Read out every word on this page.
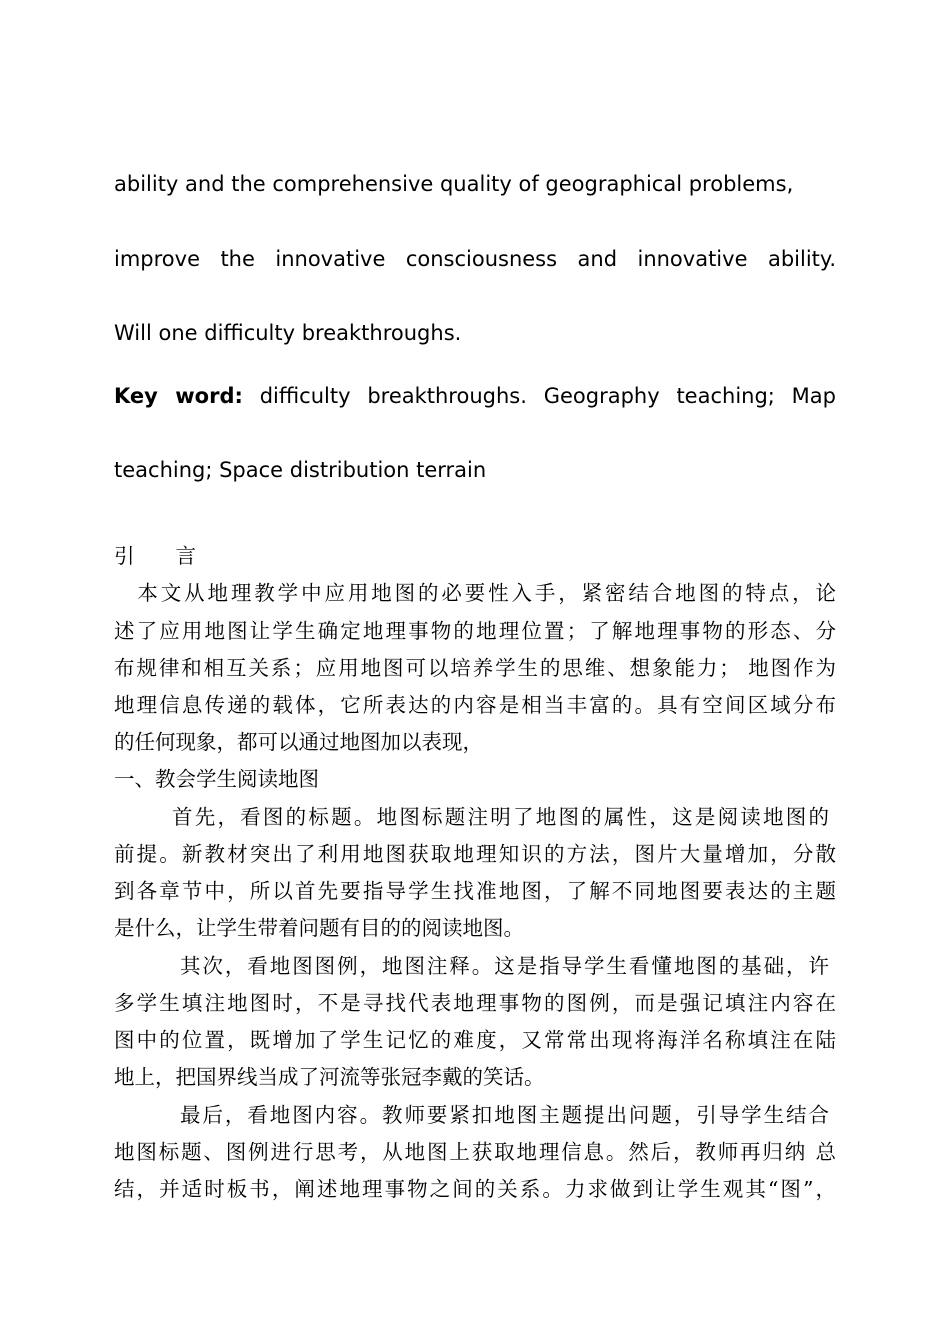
ability and the comprehensive quality of geographical problems,
improve the innovative consciousness and innovative ability.
Will one difficulty breakthroughs.
Key word: difficulty breakthroughs. Geography teaching; Map
teaching; Space distribution terrain
引　　言
　本文从地理教学中应用地图的必要性入手，紧密结合地图的特点，论
述了应用地图让学生确定地理事物的地理位置；了解地理事物的形态、分
布规律和相互关系；应用地图可以培养学生的思维、想象能力； 地图作为
地理信息传递的载体，它所表达的内容是相当丰富的。具有空间区域分布
的任何现象，都可以通过地图加以表现，
一、教会学生阅读地图
首先，看图的标题。地图标题注明了地图的属性，这是阅读地图的
前提。新教材突出了利用地图获取地理知识的方法，图片大量增加，分散
到各章节中，所以首先要指导学生找准地图，了解不同地图要表达的主题
是什么，让学生带着问题有目的的阅读地图。
其次，看地图图例，地图注释。这是指导学生看懂地图的基础，许
多学生填注地图时，不是寻找代表地理事物的图例，而是强记填注内容在
图中的位置，既增加了学生记忆的难度，又常常出现将海洋名称填注在陆
地上，把国界线当成了河流等张冠李戴的笑话。
最后，看地图内容。教师要紧扣地图主题提出问题，引导学生结合
地图标题、图例进行思考，从地图上获取地理信息。然后，教师再归纳 总
结，并适时板书，阐述地理事物之间的关系。力求做到让学生观其“图”，
